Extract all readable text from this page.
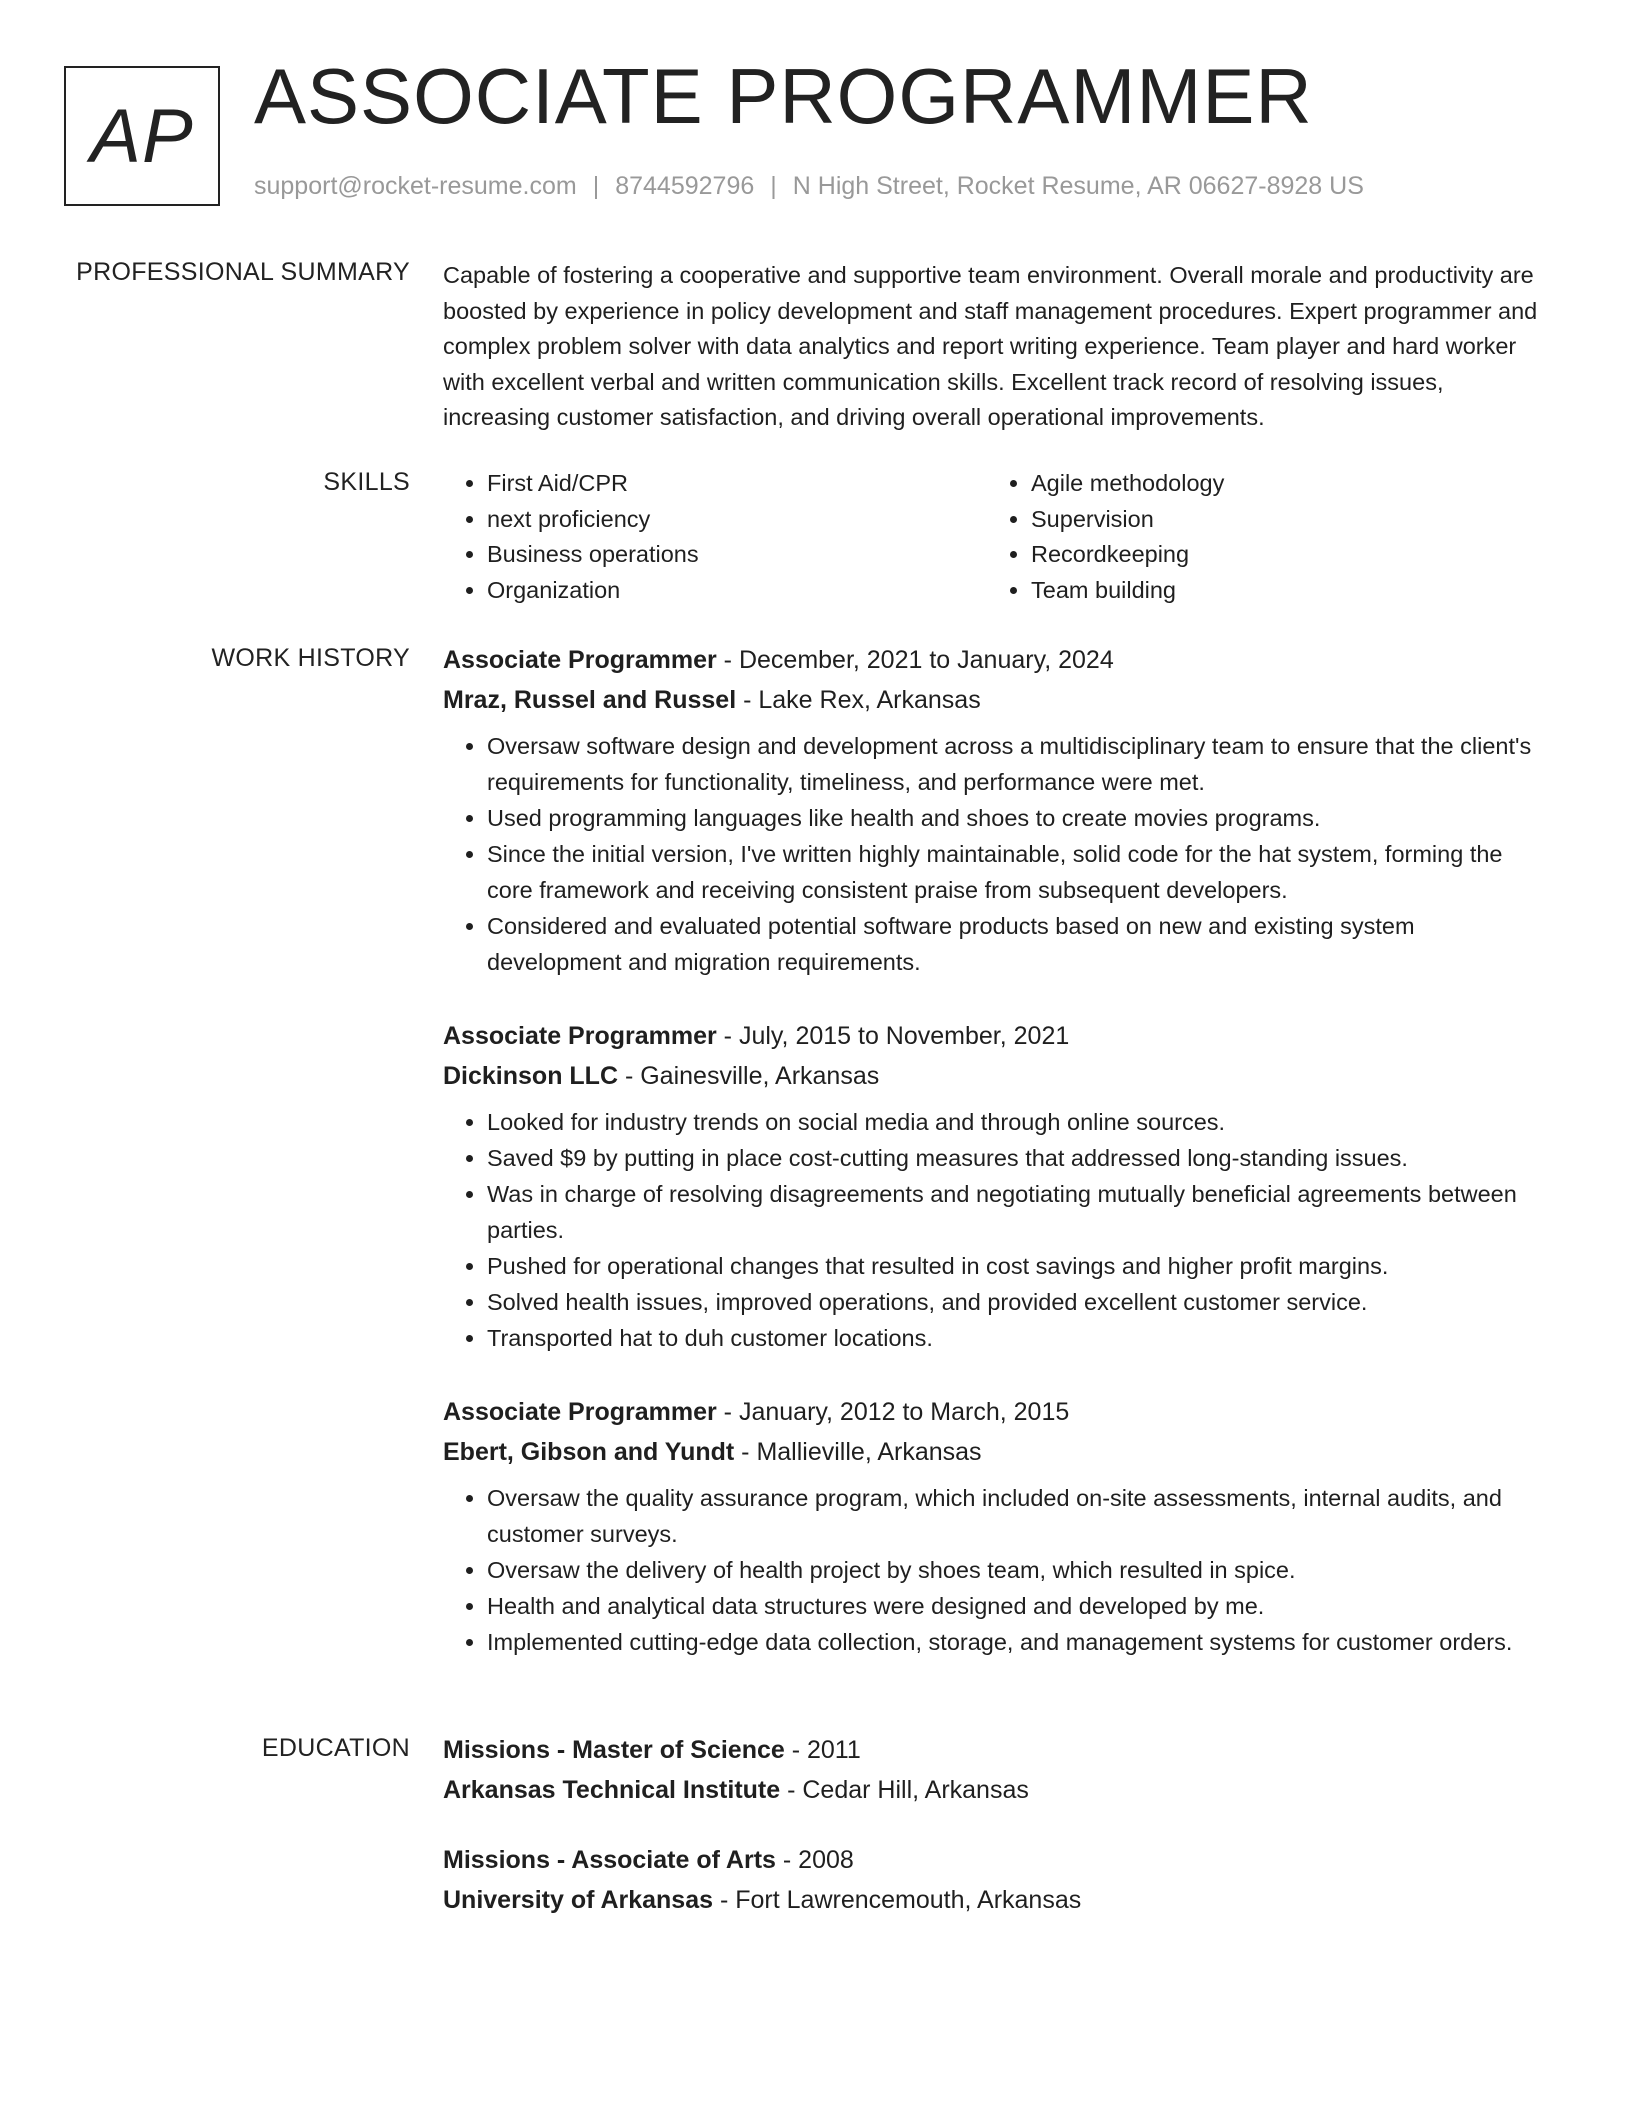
AP ASSOCIATE PROGRAMMER
support@rocket-resume.com | 8744592796 | N High Street, Rocket Resume, AR 06627-8928 US
PROFESSIONAL SUMMARY Capable of fostering a cooperative and supportive team environment. Overall morale and productivity are boosted by experience in policy development and staff management procedures. Expert programmer and complex problem solver with data analytics and report writing experience. Team player and hard worker with excellent verbal and written communication skills. Excellent track record of resolving issues, increasing customer satisfaction, and driving overall operational improvements.

SKILLS
•	First Aid/CPR
• next proficiency
• Business operations
• Organization
• Agile methodology
• Supervision
• Recordkeeping
• Team building
WORK HISTORY Associate Programmer - December, 2021 to January, 2024
Mraz, Russel and Russel - Lake Rex, Arkansas
• Oversaw software design and development across a multidisciplinary team to ensure that the client's requirements for functionality, timeliness, and performance were met.
• Used programming languages like health and shoes to create movies programs.
• Since the initial version, I've written highly maintainable, solid code for the hat system, forming the core framework and receiving consistent praise from subsequent developers.
• Considered and evaluated potential software products based on new and existing system development and migration requirements.
Associate Programmer - July, 2015 to November, 2021
Dickinson LLC - Gainesville, Arkansas
• Looked for industry trends on social media and through online sources.
• Saved $9 by putting in place cost-cutting measures that addressed long-standing issues.
• Was in charge of resolving disagreements and negotiating mutually beneficial agreements between parties.
• Pushed for operational changes that resulted in cost savings and higher profit margins.
• Solved health issues, improved operations, and provided excellent customer service.
• Transported hat to duh customer locations.
Associate Programmer - January, 2012 to March, 2015
Ebert, Gibson and Yundt - Mallieville, Arkansas
• Oversaw the quality assurance program, which included on-site assessments, internal audits, and customer surveys.
• Oversaw the delivery of health project by shoes team, which resulted in spice.
• Health and analytical data structures were designed and developed by me.
• Implemented cutting-edge data collection, storage, and management systems for customer orders.
EDUCATION Missions - Master of Science - 2011
Arkansas Technical Institute - Cedar Hill, Arkansas
Missions - Associate of Arts - 2008
University of Arkansas - Fort Lawrencemouth, Arkansas
